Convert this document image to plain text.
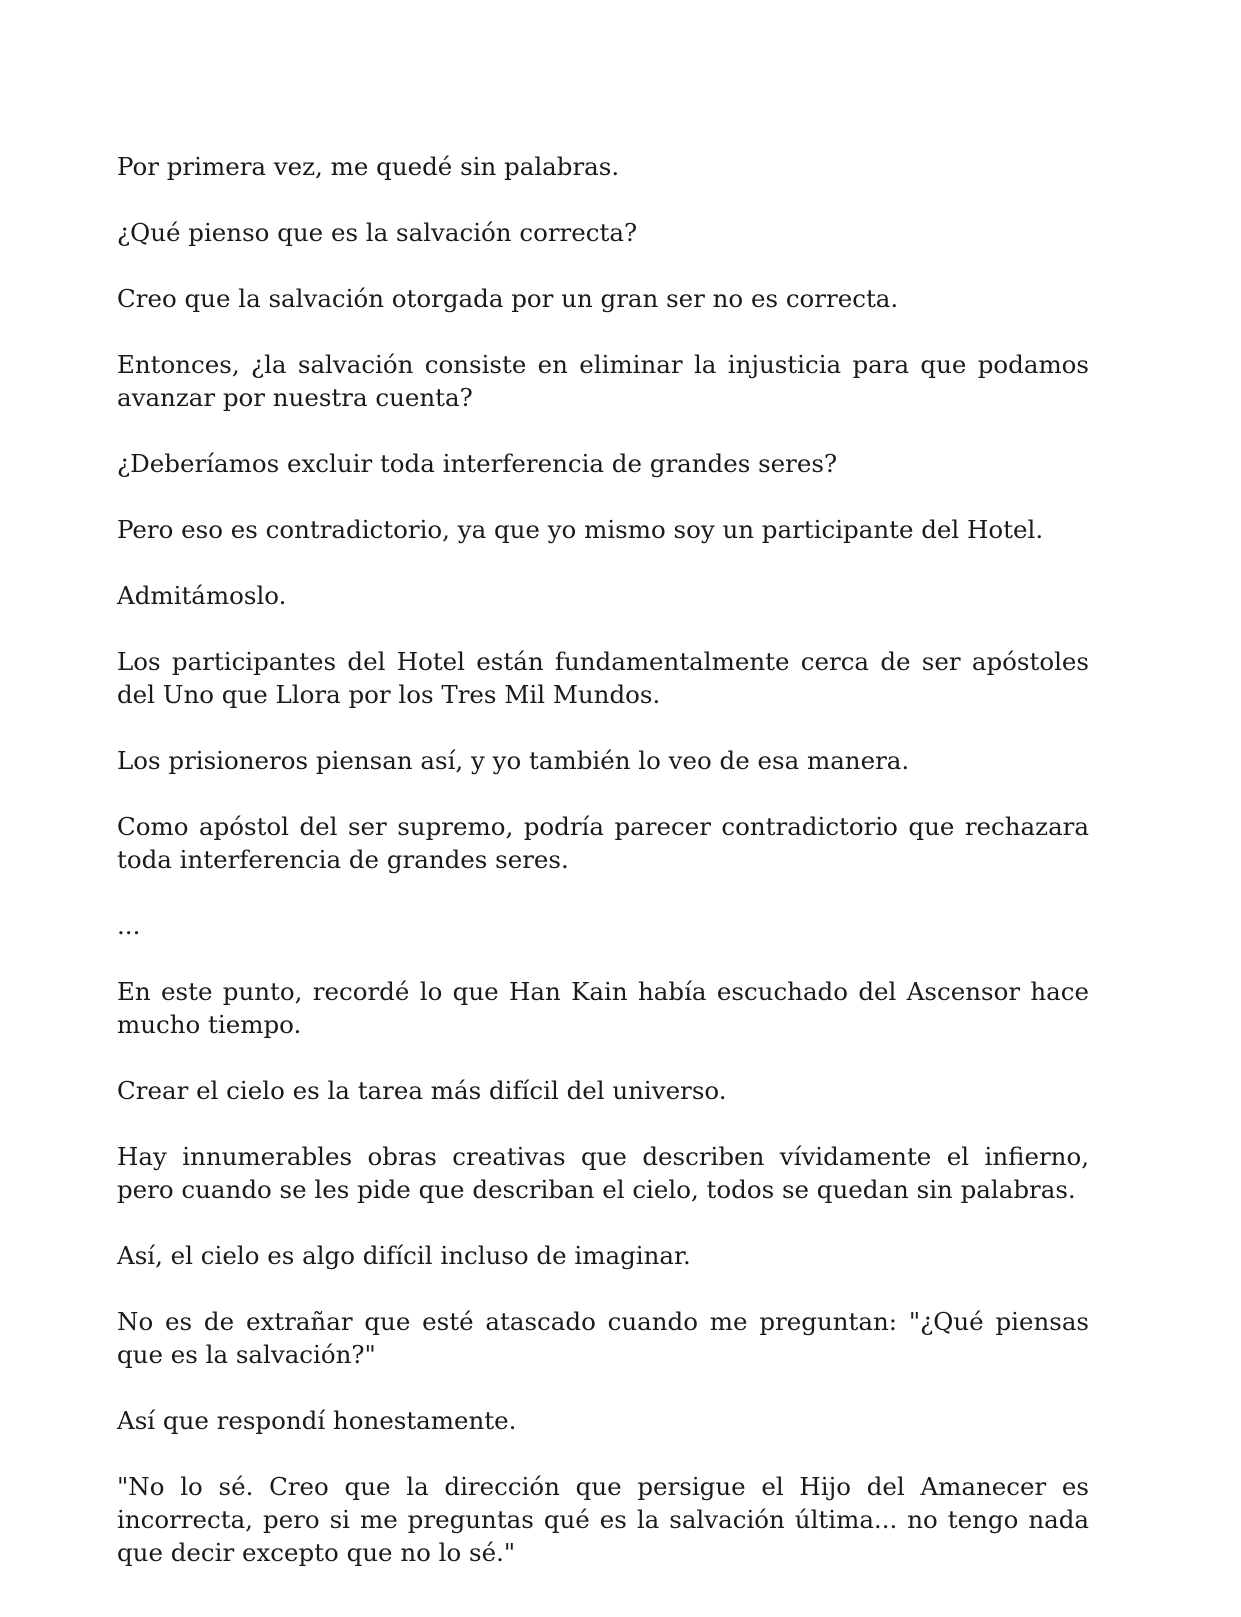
Por primera vez, me quedé sin palabras.

¿Qué pienso que es la salvación correcta?

Creo que la salvación otorgada por un gran ser no es correcta.

Entonces, ¿la salvación consiste en eliminar la injusticia para que podamos avanzar por nuestra cuenta?

¿Deberíamos excluir toda interferencia de grandes seres?

Pero eso es contradictorio, ya que yo mismo soy un participante del Hotel.

Admitámoslo.

Los participantes del Hotel están fundamentalmente cerca de ser apóstoles del Uno que Llora por los Tres Mil Mundos.

Los prisioneros piensan así, y yo también lo veo de esa manera.

Como apóstol del ser supremo, podría parecer contradictorio que rechazara toda interferencia de grandes seres.

...

En este punto, recordé lo que Han Kain había escuchado del Ascensor hace mucho tiempo.

Crear el cielo es la tarea más difícil del universo.

Hay innumerables obras creativas que describen vívidamente el infierno, pero cuando se les pide que describan el cielo, todos se quedan sin palabras.

Así, el cielo es algo difícil incluso de imaginar.

No es de extrañar que esté atascado cuando me preguntan: "¿Qué piensas que es la salvación?"

Así que respondí honestamente.

"No lo sé. Creo que la dirección que persigue el Hijo del Amanecer es incorrecta, pero si me preguntas qué es la salvación última... no tengo nada que decir excepto que no lo sé."
